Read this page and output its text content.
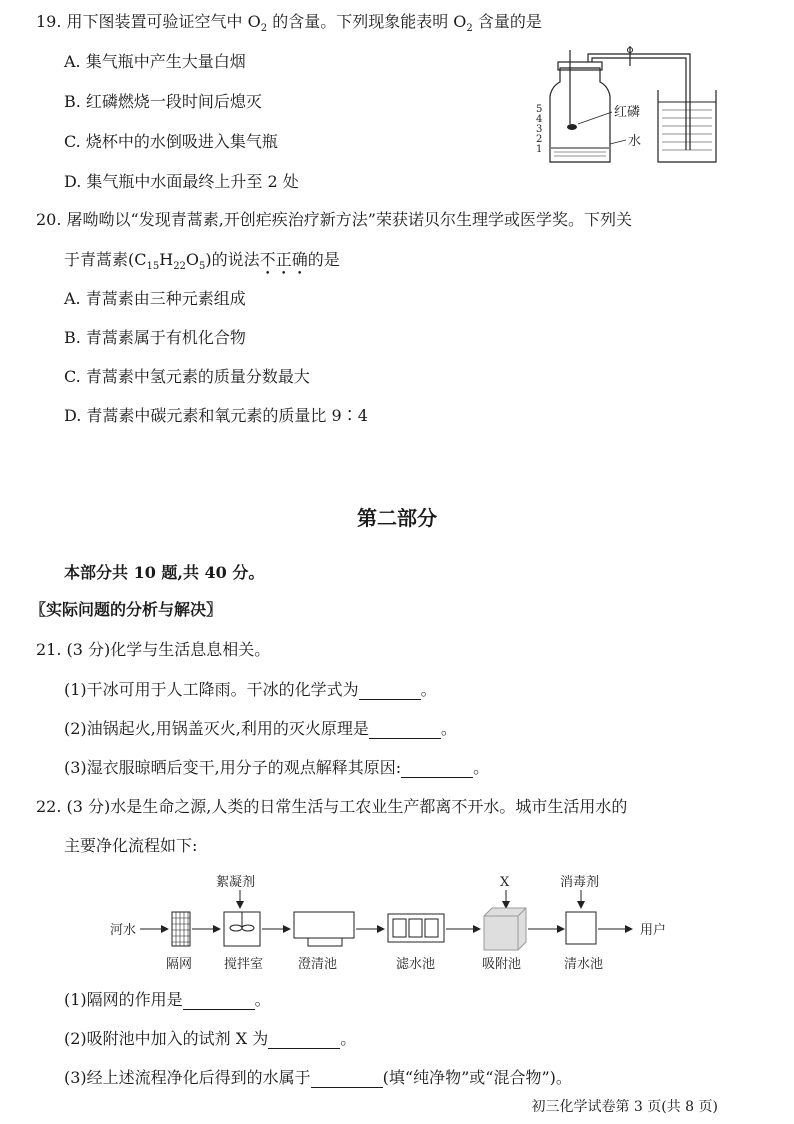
19. 用下图装置可验证空气中 $O_2$ 的含量。下列现象能表明 $O_2$ 含量的是
A. 集气瓶中产生大量白烟
B. 红磷燃烧一段时间后熄灭
C. 烧杯中的水倒吸进入集气瓶
D. 集气瓶中水面最终上升至 2 处
5
4
3
2
1
红磷
水
20. 屠呦呦以“发现青蒿素,开创疟疾治疗新方法”荣获诺贝尔生理学或医学奖。下列关
于青蒿素$(C_{15}H_{22}O_5)$的说法不正确的是
A. 青蒿素由三种元素组成
B. 青蒿素属于有机化合物
C. 青蒿素中氢元素的质量分数最大
D. 青蒿素中碳元素和氧元素的质量比 9∶4
第二部分
本部分共 10 题,共 40 分。
〖实际问题的分析与解决〗
21. (3 分)化学与生活息息相关。
(1)干冰可用于人工降雨。干冰的化学式为	。
(2)油锅起火,用锅盖灭火,利用的灭火原理是	。
(3)湿衣服晾晒后变干,用分子的观点解释其原因:	。
22. (3 分)水是生命之源,人类的日常生活与工农业生产都离不开水。城市生活用水的
主要净化流程如下:
河水	用户
絮凝剂	X	消毒剂
隔网 搅拌室	澄清池	滤水池	吸附池	清水池
(1)隔网的作用是	。
(2)吸附池中加入的试剂 X 为	。
(3)经上述流程净化后得到的水属于	(填“纯净物”或“混合物”)。
初三化学试卷第 3 页(共 8 页)
